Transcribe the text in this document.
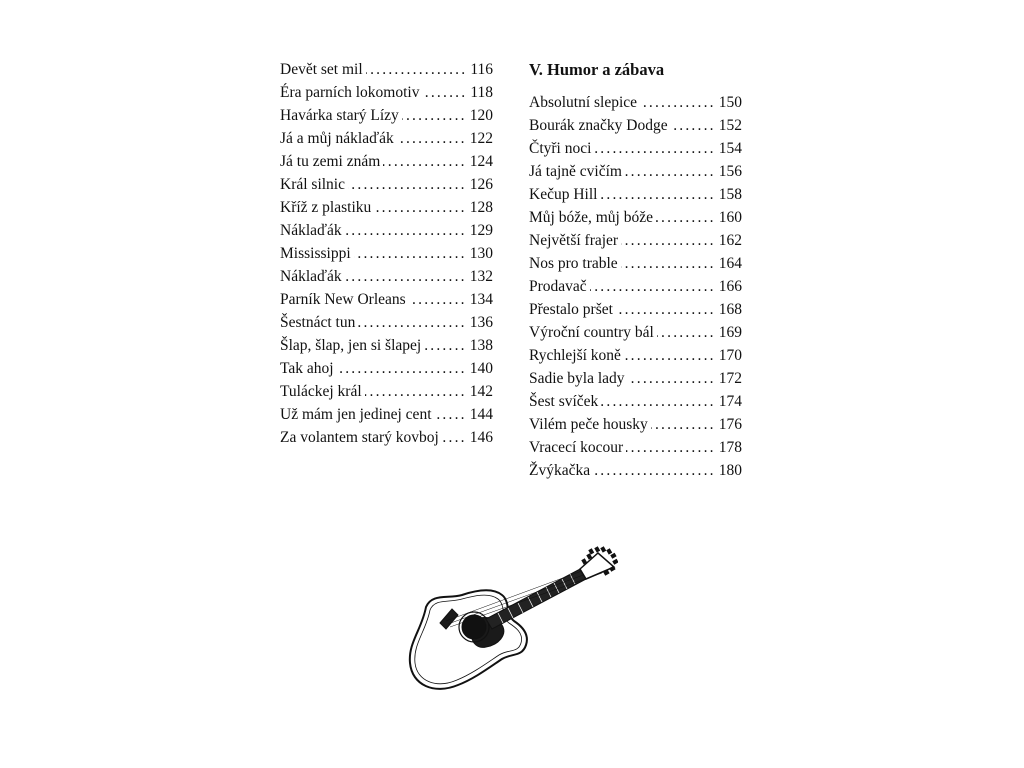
Devět set mil .....	116
Éra parních lokomotiv .....	118
Havárka starý Lízy .....	120
Já a můj náklaďák .....	122
Já tu zemi znám .....	124
Král silnic .....	126
Kříž z plastiku .....	128
Náklaďák .....	129
Mississippi .....	130
Náklaďák .....	132
Parník New Orleans .....	134
Šestnáct tun .....	136
Šlap, šlap, jen si šlapej .....	138
Tak ahoj .....	140
Tuláckej král .....	142
Už mám jen jedinej cent ..... 144
Za volantem starý kovboj ..... 146
V. Humor a zábava
Absolutní slepice .....	150
Bourák značky Dodge .....	152
Čtyři noci .....	154
Já tajně cvičím .....	156
Kečup Hill .....	158
Můj bóže, můj bóže .....	160
Největší frajer .....	162
Nos pro trable .....	164
Prodavač .....	166
Přestalo pršet .....	168
Výroční country bál .....	169
Rychlejší koně .....	170
Sadie byla lady .....	172
Šest svíček .....	174
Vilém peče housky .....	176
Vracecí kocour .....	178
Žvýkačka .....	180
